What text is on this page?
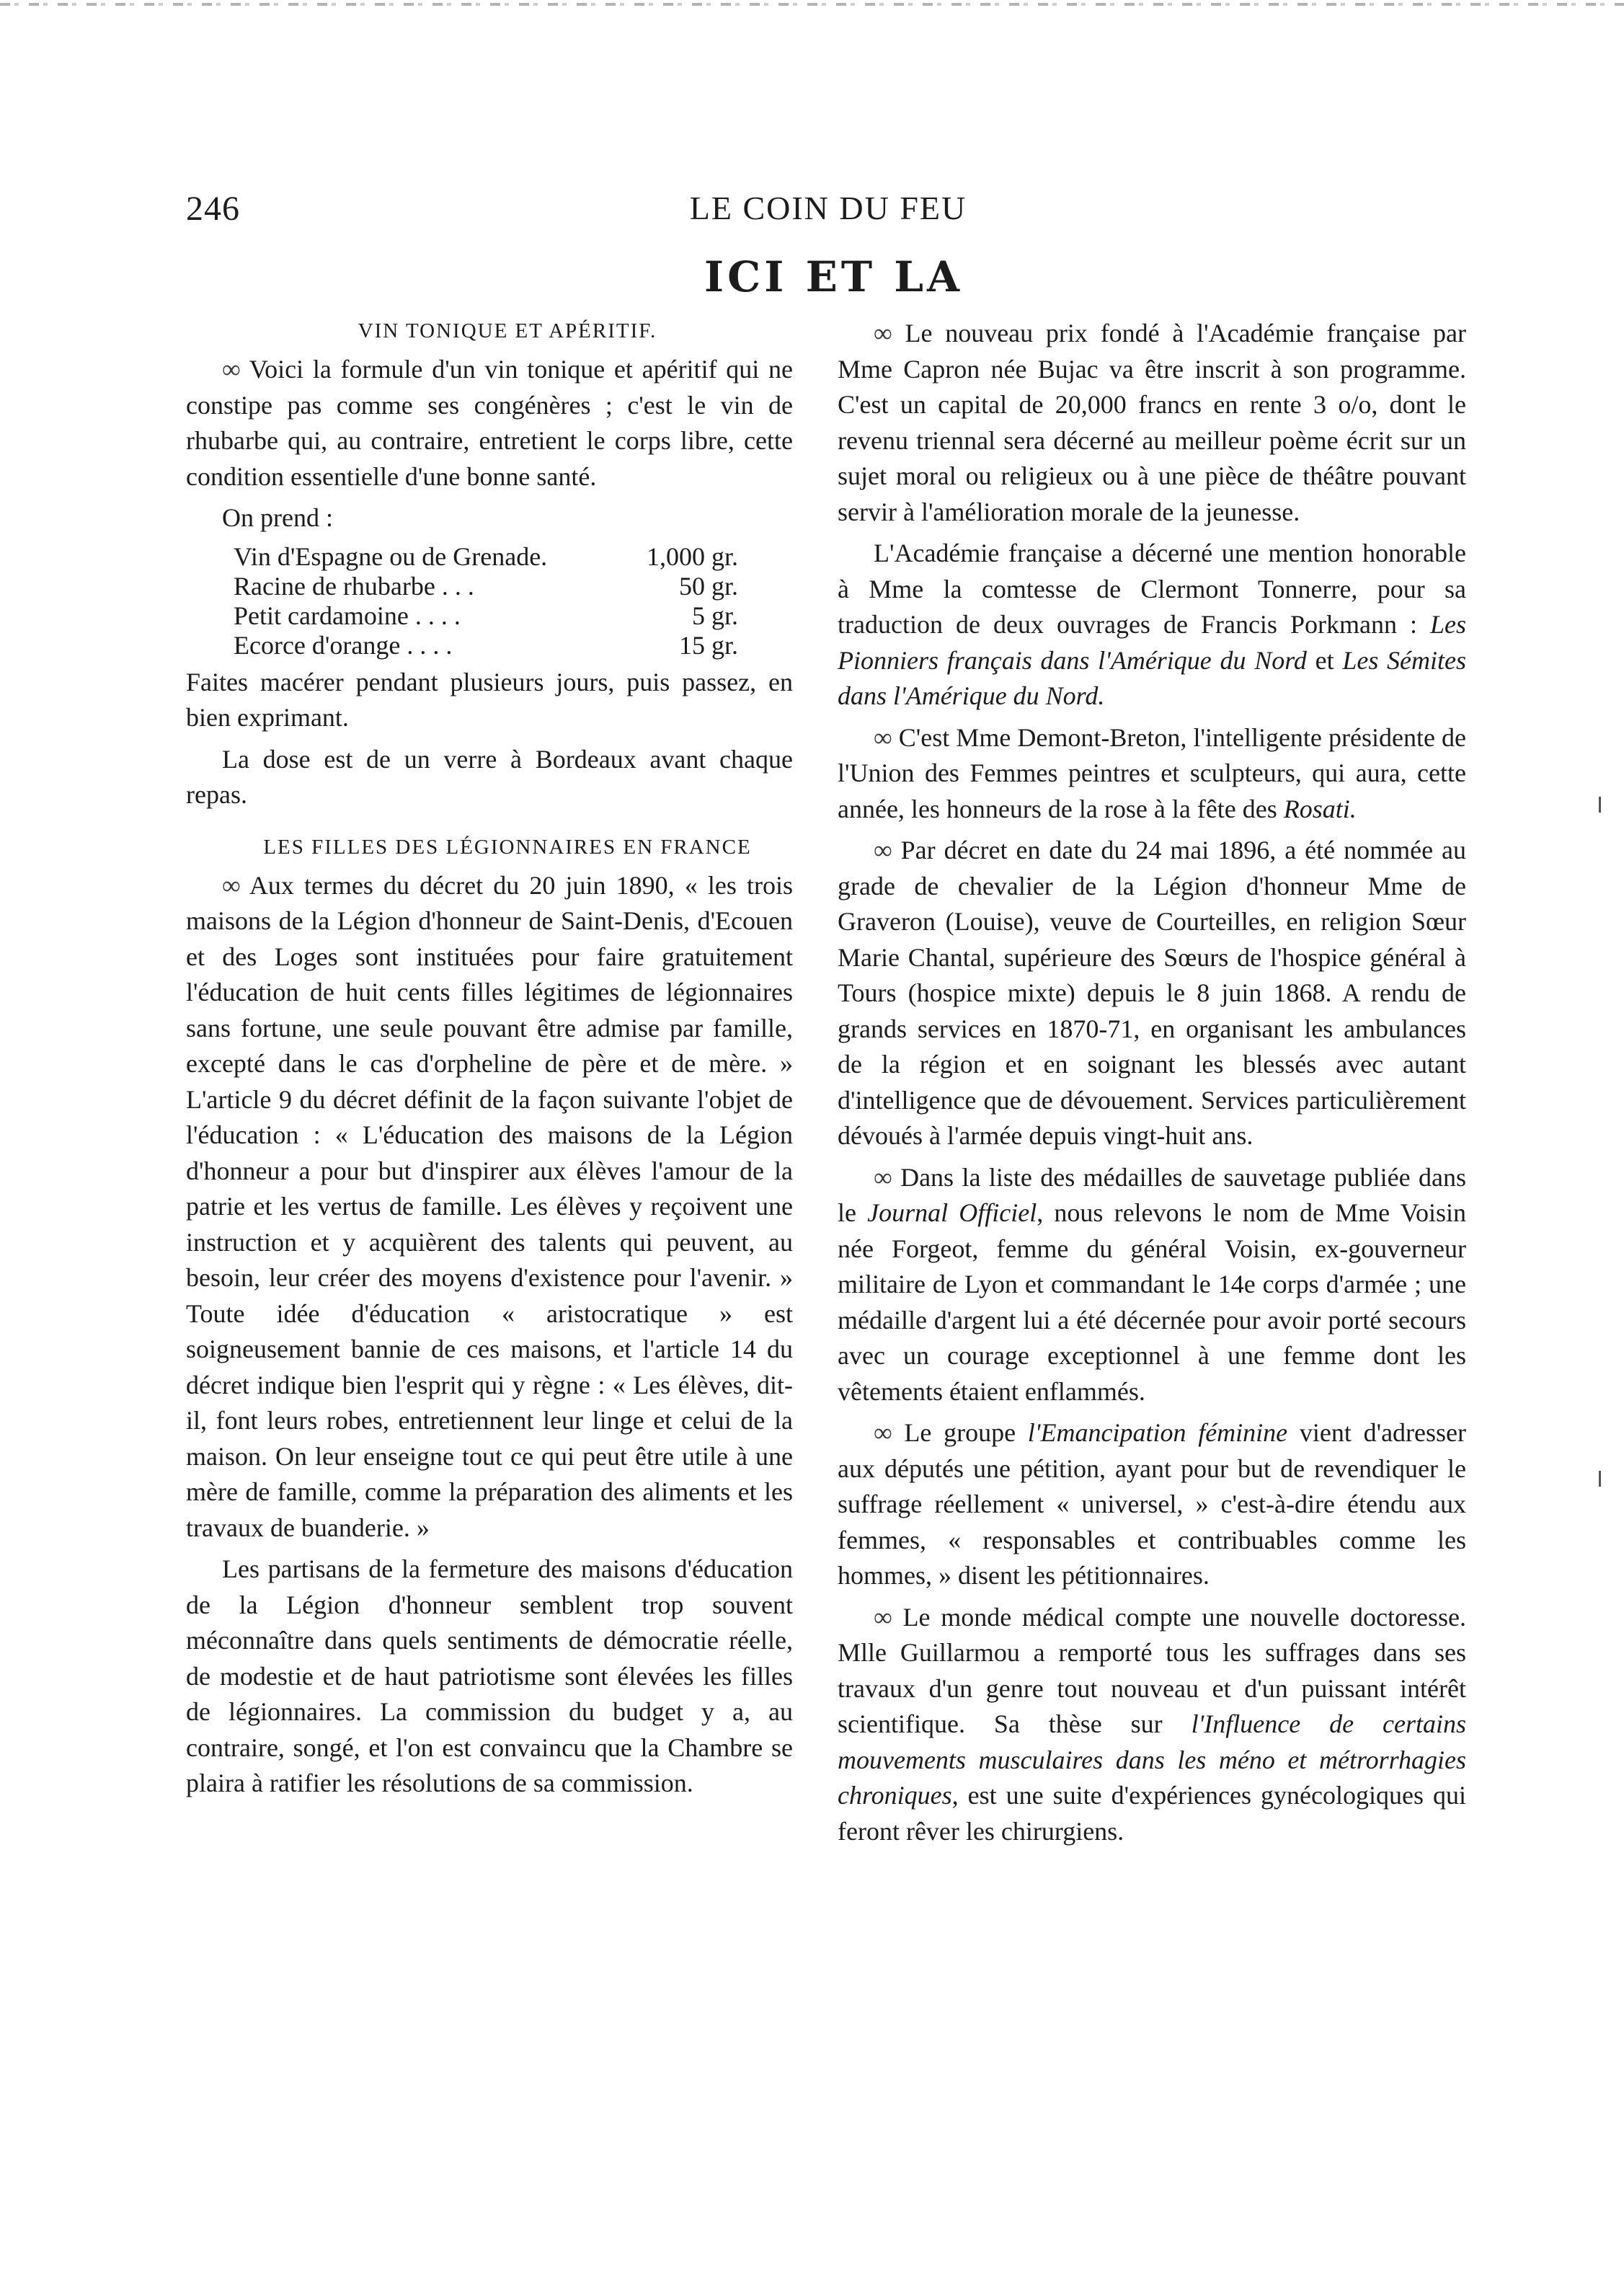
246	LE COIN DU FEU
ICI ET LA

VIN TONIQUE ET APÉRITIF.

∞ Voici la formule d'un vin tonique et apéritif qui ne constipe pas comme ses congénères ; c'est le vin de rhubarbe qui, au contraire, entretient le corps libre, cette condition essentielle d'une bonne santé.

On prend :

Vin d'Espagne ou de Grenade.	1,000 gr.
Racine de rhubarbe . . .	50 gr.
Petit cardamoine . . . .	5 gr.
Ecorce d'orange . . . .	15 gr.

Faites macérer pendant plusieurs jours, puis passez, en bien exprimant.

La dose est de un verre à Bordeaux avant chaque repas.

LES FILLES DES LÉGIONNAIRES EN FRANCE

∞ Aux termes du décret du 20 juin 1890, « les trois maisons de la Légion d'honneur de Saint-Denis, d'Ecouen et des Loges sont instituées pour faire gratuitement l'éducation de huit cents filles légitimes de légionnaires sans fortune, une seule pouvant être admise par famille, excepté dans le cas d'orpheline de père et de mère. » L'article 9 du décret définit de la façon suivante l'objet de l'éducation : « L'éducation des maisons de la Légion d'honneur a pour but d'inspirer aux élèves l'amour de la patrie et les vertus de famille. Les élèves y reçoivent une instruction et y acquièrent des talents qui peuvent, au besoin, leur créer des moyens d'existence pour l'avenir. » Toute idée d'éducation « aristocratique » est soigneusement bannie de ces maisons, et l'article 14 du décret indique bien l'esprit qui y règne : « Les élèves, dit-il, font leurs robes, entretiennent leur linge et celui de la maison. On leur enseigne tout ce qui peut être utile à une mère de famille, comme la préparation des aliments et les travaux de buanderie. »

Les partisans de la fermeture des maisons d'éducation de la Légion d'honneur semblent trop souvent méconnaître dans quels sentiments de démocratie réelle, de modestie et de haut patriotisme sont élevées les filles de légionnaires. La commission du budget y a, au contraire, songé, et l'on est convaincu que la Chambre se plaira à ratifier les résolutions de sa commission.

∞ Le nouveau prix fondé à l'Académie française par Mme Capron née Bujac va être inscrit à son programme. C'est un capital de 20,000 francs en rente 3 o/o, dont le revenu triennal sera décerné au meilleur poème écrit sur un sujet moral ou religieux ou à une pièce de théâtre pouvant servir à l'amélioration morale de la jeunesse.

L'Académie française a décerné une mention honorable à Mme la comtesse de Clermont Tonnerre, pour sa traduction de deux ouvrages de Francis Porkmann : Les Pionniers français dans l'Amérique du Nord et Les Sémites dans l'Amérique du Nord.

∞ C'est Mme Demont-Breton, l'intelligente présidente de l'Union des Femmes peintres et sculpteurs, qui aura, cette année, les honneurs de la rose à la fête des Rosati.

∞ Par décret en date du 24 mai 1896, a été nommée au grade de chevalier de la Légion d'honneur Mme de Graveron (Louise), veuve de Courteilles, en religion Sœur Marie Chantal, supérieure des Sœurs de l'hospice général à Tours (hospice mixte) depuis le 8 juin 1868. A rendu de grands services en 1870-71, en organisant les ambulances de la région et en soignant les blessés avec autant d'intelligence que de dévouement. Services particulièrement dévoués à l'armée depuis vingt-huit ans.

∞ Dans la liste des médailles de sauvetage publiée dans le Journal Officiel, nous relevons le nom de Mme Voisin née Forgeot, femme du général Voisin, ex-gouverneur militaire de Lyon et commandant le 14e corps d'armée ; une médaille d'argent lui a été décernée pour avoir porté secours avec un courage exceptionnel à une femme dont les vêtements étaient enflammés.

∞ Le groupe l'Emancipation féminine vient d'adresser aux députés une pétition, ayant pour but de revendiquer le suffrage réellement « universel, » c'est-à-dire étendu aux femmes, « responsables et contribuables comme les hommes, » disent les pétitionnaires.

∞ Le monde médical compte une nouvelle doctoresse. Mlle Guillarmou a remporté tous les suffrages dans ses travaux d'un genre tout nouveau et d'un puissant intérêt scientifique. Sa thèse sur l'Influence de certains mouvements musculaires dans les méno et métrorrhagies chroniques, est une suite d'expériences gynécologiques qui feront rêver les chirurgiens.
